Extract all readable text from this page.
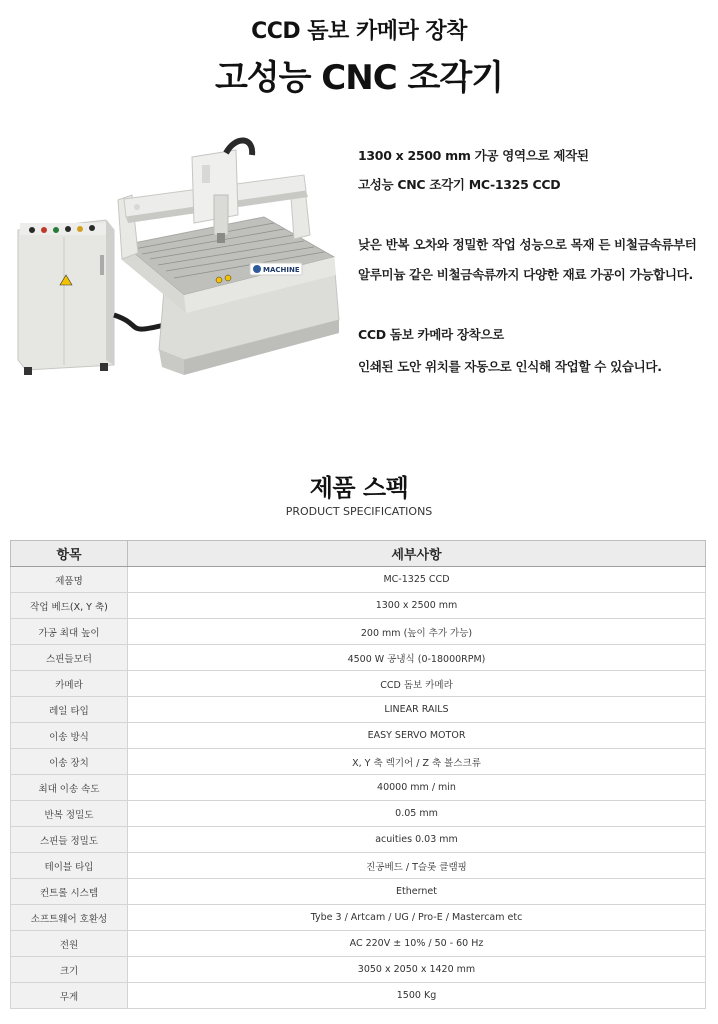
CCD 돔보 카메라 장착
고성능 CNC 조각기
MACHINE
1300 x 2500 mm 가공 영역으로 제작된
고성능 CNC 조각기 MC-1325 CCD
낮은 반복 오차와 정밀한 작업 성능으로 목재 든 비철금속류부터
알루미늄 같은 비철금속류까지 다양한 재료 가공이 가능합니다.
CCD 돔보 카메라 장착으로
인쇄된 도안 위치를 자동으로 인식해 작업할 수 있습니다.
제품 스펙
PRODUCT SPECIFICATIONS
항목	세부사항
제품명	MC-1325 CCD
작업 베드(X, Y 축)	1300 x 2500 mm
가공 최대 높이	200 mm (높이 추가 가능)
스핀들모터	4500 W 공냉식 (0-18000RPM)
카메라	CCD 돔보 카메라
레일 타입	LINEAR RAILS
이송 방식	EASY SERVO MOTOR
이송 장치	X, Y 축 렉기어 / Z 축 볼스크류
최대 이송 속도	40000 mm / min
반복 정밀도	0.05 mm
스핀들 정밀도	acuities 0.03 mm
테이블 타입	진공베드 / T슬롯 클램핑
컨트롤 시스템	Ethernet
소프트웨어 호환성	Tybe 3 / Artcam / UG / Pro-E / Mastercam etc
전원	AC 220V ± 10% / 50 - 60 Hz
크기	3050 x 2050 x 1420 mm
무게	1500 Kg
